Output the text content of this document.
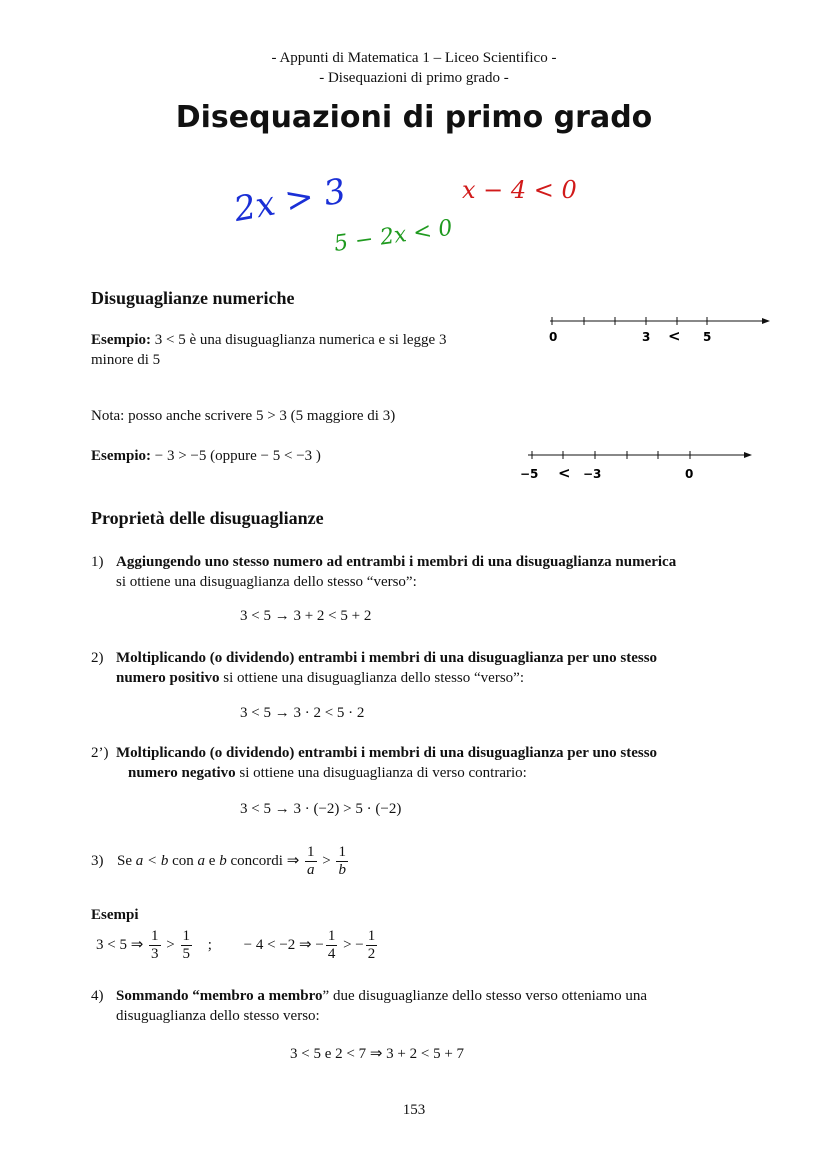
- Appunti di Matematica 1 – Liceo Scientifico -
- Disequazioni di primo grado -
Disequazioni di primo grado
2x > 3	x − 4 < 0
5 − 2x < 0
Disuguaglianze numeriche
Esempio: 3 < 5 è una disuguaglianza numerica e si legge 3
minore di 5
0	3 < 5
Nota: posso anche scrivere 5 > 3 (5 maggiore di 3)
Esempio: − 3 > −5 (oppure − 5 < −3 )
−5 < −3	0
Proprietà delle disuguaglianze
1) Aggiungendo uno stesso numero ad entrambi i membri di una disuguaglianza numerica
si ottiene una disuguaglianza dello stesso “verso”:
3 < 5 → 3 + 2 < 5 + 2
2) Moltiplicando (o dividendo) entrambi i membri di una disuguaglianza per uno stesso
numero positivo si ottiene una disuguaglianza dello stesso “verso”:
3 < 5 → 3 · 2 < 5 · 2
2’) Moltiplicando (o dividendo) entrambi i membri di una disuguaglianza per uno stesso
numero negativo si ottiene una disuguaglianza di verso contrario:
3 < 5 → 3 · (−2) > 5 · (−2)
3) Se a < b con a e b concordi ⇒ $\frac{1}{a} > \frac{1}{b}$
Esempi
3 < 5 ⇒ $\frac{1}{3} > \frac{1}{5}$ ; − 4 < −2 ⇒ − $\frac{1}{4}$ > − $\frac{1}{2}$
4) Sommando “membro a membro” due disuguaglianze dello stesso verso otteniamo una
disuguaglianza dello stesso verso:
3 < 5 e 2 < 7 ⇒ 3 + 2 < 5 + 7
153
